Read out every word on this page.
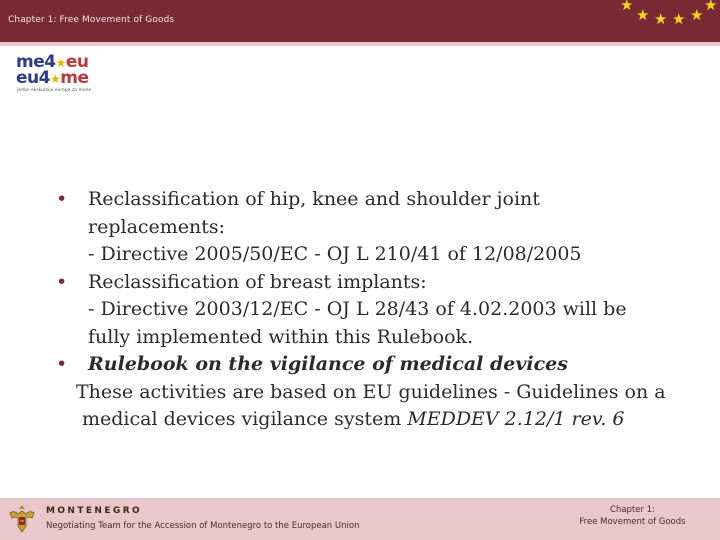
Chapter 1: Free Movement of Goods
★
★ ★ ★ ★
★
me4★eu
eu4★me
jedan ekskursiju evropa za mene
• Reclassification of hip, knee and shoulder joint
replacements:
- Directive 2005/50/EC - OJ L 210/41 of 12/08/2005
• Reclassification of breast implants:
- Directive 2003/12/EC - OJ L 28/43 of 4.02.2003 will be
fully implemented within this Rulebook.
• Rulebook on the vigilance of medical devices
These activities are based on EU guidelines - Guidelines on a
medical devices vigilance system MEDDEV 2.12/1 rev. 6
MONTENEGRO
Negotiating Team for the Accession of Montenegro to the European Union
Chapter 1:
Free Movement of Goods
